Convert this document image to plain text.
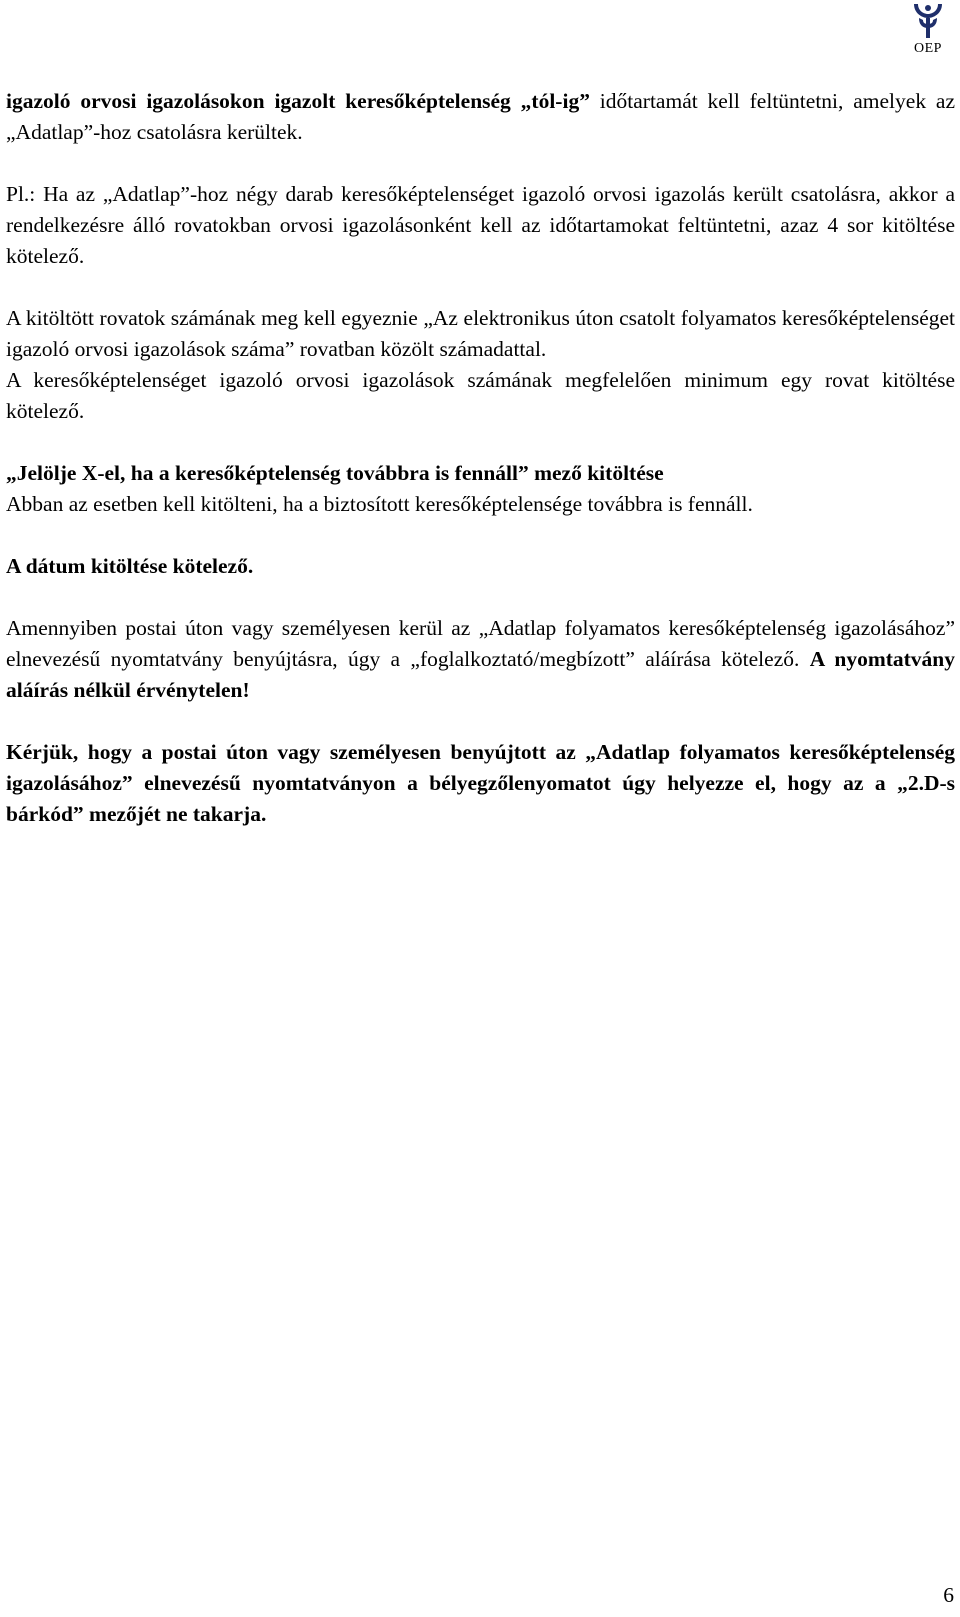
OEP

igazoló orvosi igazolásokon igazolt keresőképtelenség „tól-ig” időtartamát kell feltüntetni, amelyek az „Adatlap”-hoz csatolásra kerültek.

Pl.: Ha az „Adatlap”-hoz négy darab keresőképtelenséget igazoló orvosi igazolás került csatolásra, akkor a rendelkezésre álló rovatokban orvosi igazolásonként kell az időtartamokat feltüntetni, azaz 4 sor kitöltése kötelező.

A kitöltött rovatok számának meg kell egyeznie „Az elektronikus úton csatolt folyamatos keresőképtelenséget igazoló orvosi igazolások száma” rovatban közölt számadattal.

A keresőképtelenséget igazoló orvosi igazolások számának megfelelően minimum egy rovat kitöltése kötelező.

„Jelölje X-el, ha a keresőképtelenség továbbra is fennáll” mező kitöltése

Abban az esetben kell kitölteni, ha a biztosított keresőképtelensége továbbra is fennáll.

A dátum kitöltése kötelező.

Amennyiben postai úton vagy személyesen kerül az „Adatlap folyamatos keresőképtelenség igazolásához” elnevezésű nyomtatvány benyújtásra, úgy a „foglalkoztató/megbízott” aláírása kötelező. A nyomtatvány aláírás nélkül érvénytelen!

Kérjük, hogy a postai úton vagy személyesen benyújtott az „Adatlap folyamatos keresőképtelenség igazolásához” elnevezésű nyomtatványon a bélyegzőlenyomatot úgy helyezze el, hogy az a „2.D-s bárkód” mezőjét ne takarja.

6
